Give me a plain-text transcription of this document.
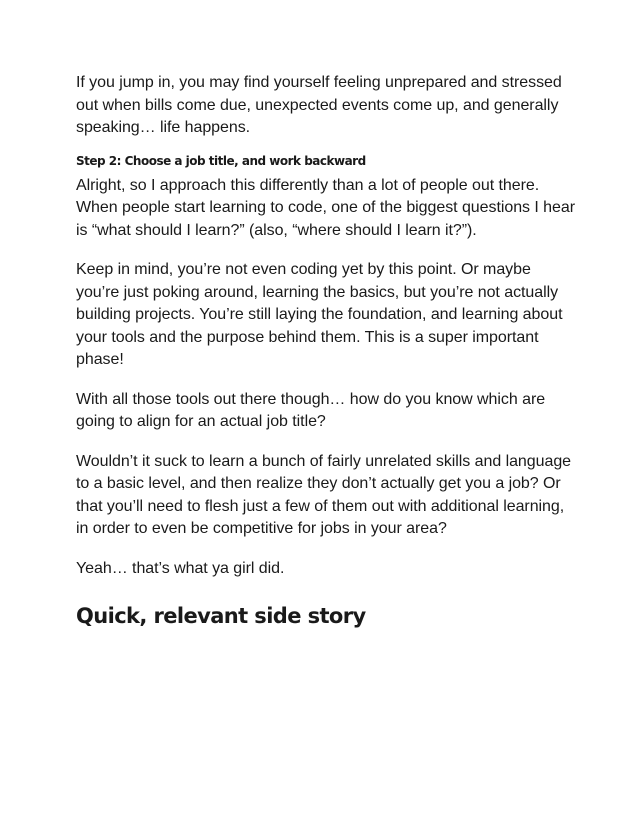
If you jump in, you may find yourself feeling unprepared and stressed out when bills come due, unexpected events come up, and generally speaking… life happens.

Step 2: Choose a job title, and work backward

Alright, so I approach this differently than a lot of people out there. When people start learning to code, one of the biggest questions I hear is “what should I learn?” (also, “where should I learn it?”).

Keep in mind, you’re not even coding yet by this point. Or maybe you’re just poking around, learning the basics, but you’re not actually building projects. You’re still laying the foundation, and learning about your tools and the purpose behind them. This is a super important phase!

With all those tools out there though… how do you know which are going to align for an actual job title?

Wouldn’t it suck to learn a bunch of fairly unrelated skills and language to a basic level, and then realize they don’t actually get you a job? Or that you’ll need to flesh just a few of them out with additional learning, in order to even be competitive for jobs in your area?

Yeah… that’s what ya girl did.

Quick, relevant side story
